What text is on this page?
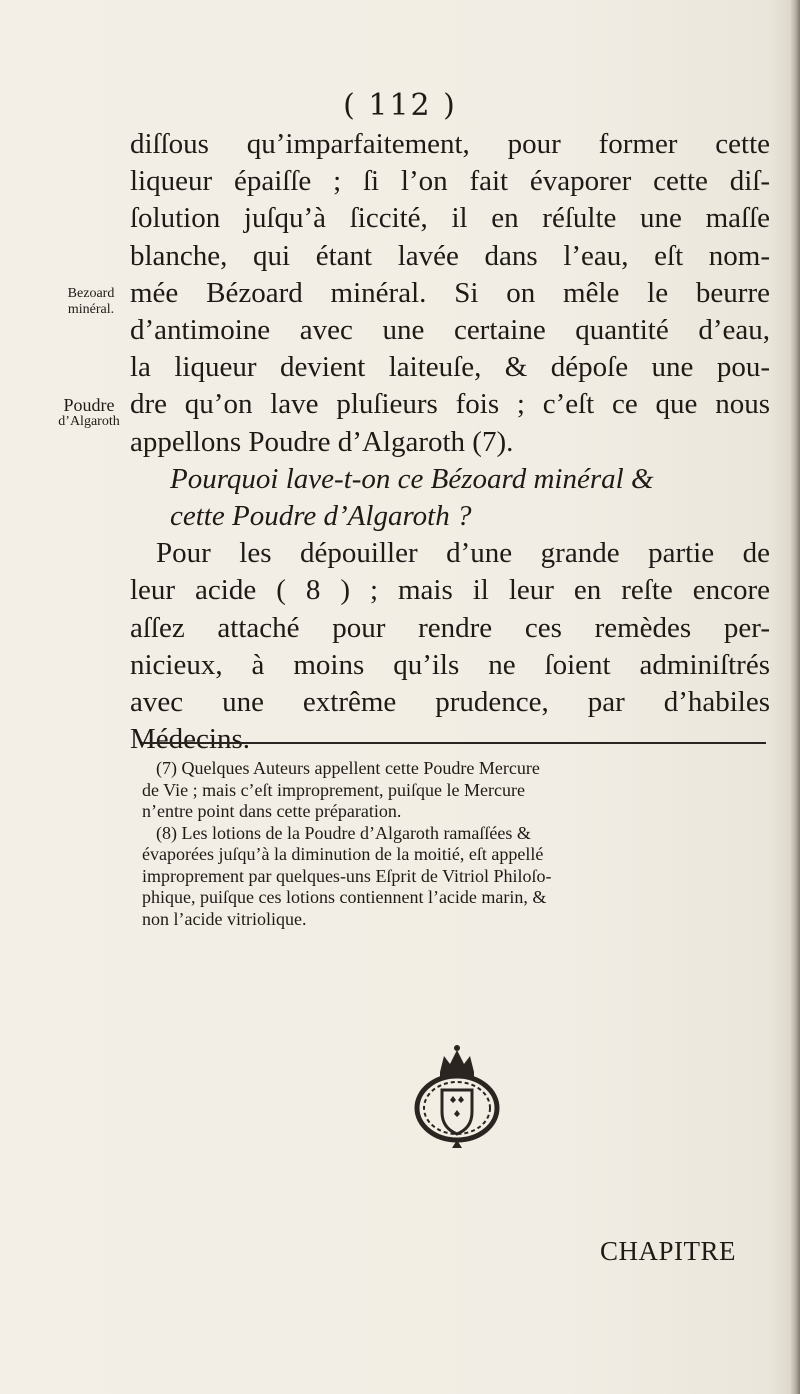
( 112 )
Bezoard
minéral.
Poudre
d’Algaroth
diſſous qu’imparfaitement, pour former cette
liqueur épaiſſe ; ſi l’on fait évaporer cette diſ-
ſolution juſqu’à ſiccité, il en réſulte une maſſe
blanche, qui étant lavée dans l’eau, eſt nom-
mée Bézoard minéral. Si on mêle le beurre
d’antimoine avec une certaine quantité d’eau,
la liqueur devient laiteuſe, & dépoſe une pou-
dre qu’on lave pluſieurs fois ; c’eſt ce que nous
appellons Poudre d’Algaroth (7).
Pourquoi lave-t-on ce Bézoard minéral &
cette Poudre d’Algaroth ?
Pour les dépouiller d’une grande partie de
leur acide ( 8 ) ; mais il leur en reſte encore
aſſez attaché pour rendre ces remèdes per-
nicieux, à moins qu’ils ne ſoient adminiſtrés
avec une extrême prudence, par d’habiles
Médecins.
(7) Quelques Auteurs appellent cette Poudre Mercure
de Vie ; mais c’eſt improprement, puiſque le Mercure
n’entre point dans cette préparation.
(8) Les lotions de la Poudre d’Algaroth ramaſſées &
évaporées juſqu’à la diminution de la moitié, eſt appellé
improprement par quelques-uns Eſprit de Vitriol Philoſo-
phique, puiſque ces lotions contiennent l’acide marin, &
non l’acide vitriolique.
CHAPITRE
